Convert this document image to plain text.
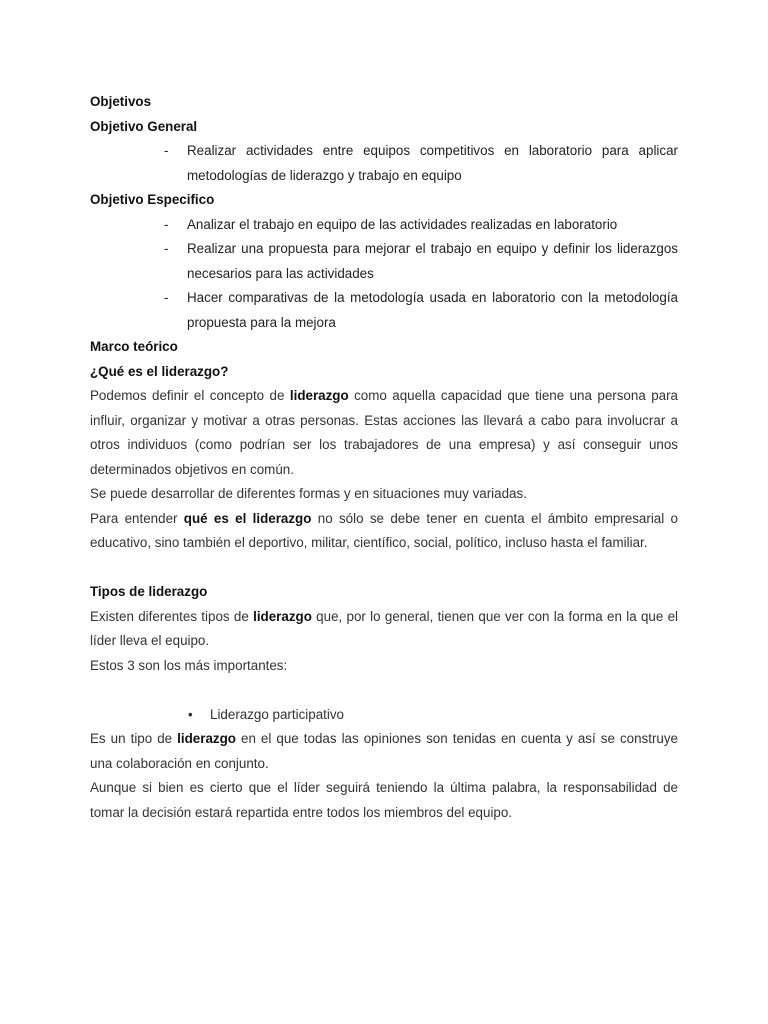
Objetivos
Objetivo General
- Realizar actividades entre equipos competitivos en laboratorio para aplicar metodologías de liderazgo y trabajo en equipo
Objetivo Especifico
- Analizar el trabajo en equipo de las actividades realizadas en laboratorio
- Realizar una propuesta para mejorar el trabajo en equipo y definir los liderazgos necesarios para las actividades
- Hacer comparativas de la metodología usada en laboratorio con la metodología propuesta para la mejora
Marco teórico
¿Qué es el liderazgo?
Podemos definir el concepto de liderazgo como aquella capacidad que tiene una persona para influir, organizar y motivar a otras personas. Estas acciones las llevará a cabo para involucrar a otros individuos (como podrían ser los trabajadores de una empresa) y así conseguir unos determinados objetivos en común.
Se puede desarrollar de diferentes formas y en situaciones muy variadas.
Para entender qué es el liderazgo no sólo se debe tener en cuenta el ámbito empresarial o educativo, sino también el deportivo, militar, científico, social, político, incluso hasta el familiar.
Tipos de liderazgo
Existen diferentes tipos de liderazgo que, por lo general, tienen que ver con la forma en la que el líder lleva el equipo.
Estos 3 son los más importantes:
• Liderazgo participativo
Es un tipo de liderazgo en el que todas las opiniones son tenidas en cuenta y así se construye una colaboración en conjunto.
Aunque si bien es cierto que el líder seguirá teniendo la última palabra, la responsabilidad de tomar la decisión estará repartida entre todos los miembros del equipo.
